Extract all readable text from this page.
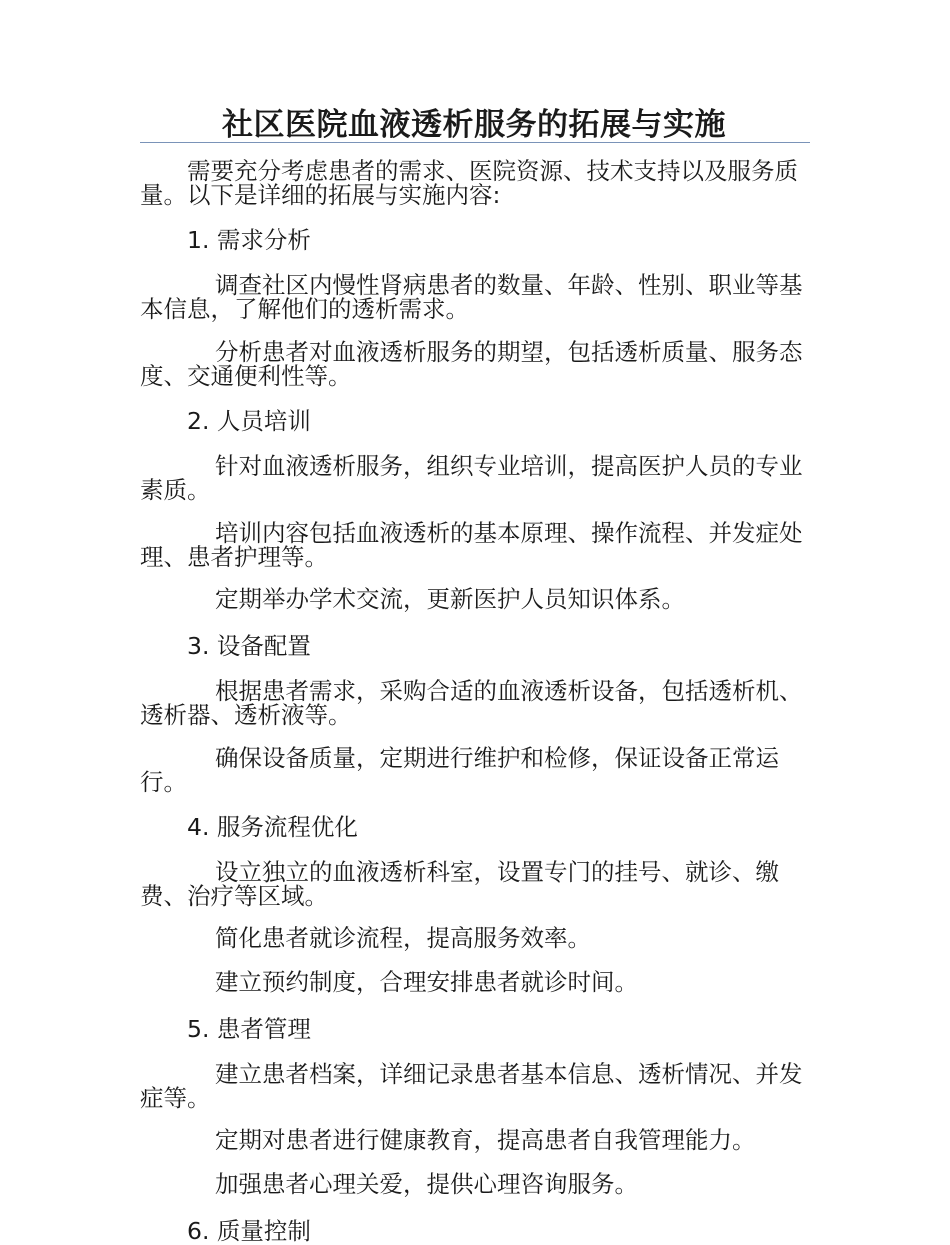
社区医院血液透析服务的拓展与实施

需要充分考虑患者的需求、医院资源、技术支持以及服务质量。以下是详细的拓展与实施内容:

1. 需求分析

调查社区内慢性肾病患者的数量、年龄、性别、职业等基本信息，了解他们的透析需求。

分析患者对血液透析服务的期望，包括透析质量、服务态度、交通便利性等。

2. 人员培训

针对血液透析服务，组织专业培训，提高医护人员的专业素质。

培训内容包括血液透析的基本原理、操作流程、并发症处理、患者护理等。

定期举办学术交流，更新医护人员知识体系。

3. 设备配置

根据患者需求，采购合适的血液透析设备，包括透析机、透析器、透析液等。

确保设备质量，定期进行维护和检修，保证设备正常运行。

4. 服务流程优化

设立独立的血液透析科室，设置专门的挂号、就诊、缴费、治疗等区域。

简化患者就诊流程，提高服务效率。

建立预约制度，合理安排患者就诊时间。

5. 患者管理

建立患者档案，详细记录患者基本信息、透析情况、并发症等。

定期对患者进行健康教育，提高患者自我管理能力。

加强患者心理关爱，提供心理咨询服务。

6. 质量控制
